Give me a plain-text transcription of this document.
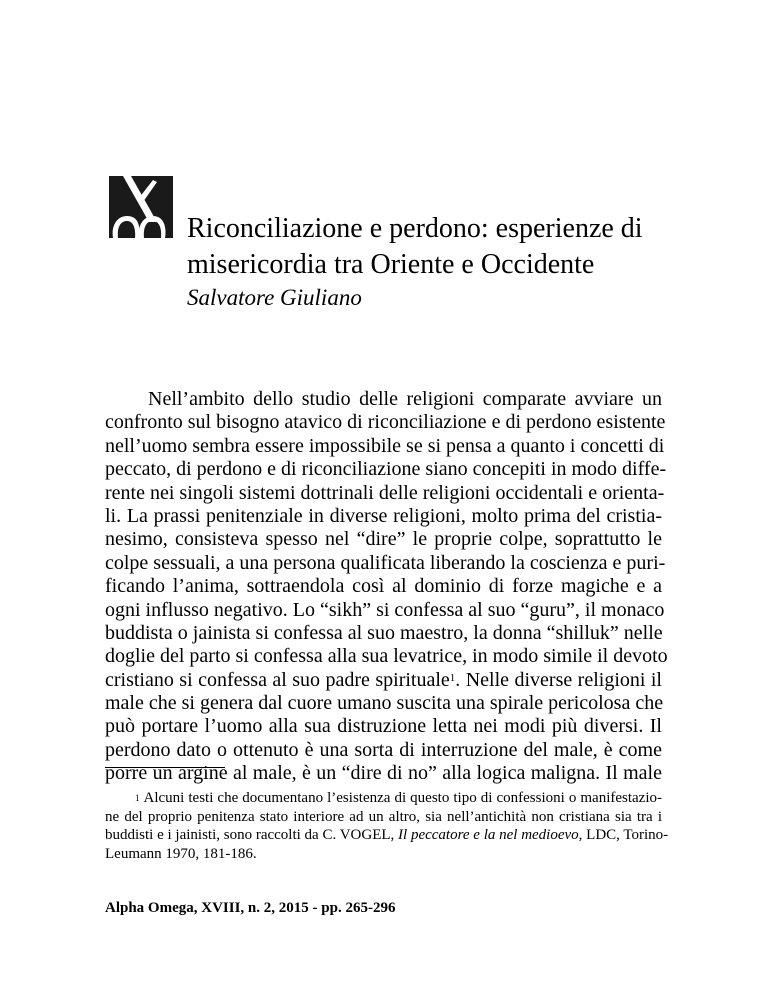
Riconciliazione e perdono: esperienze di
misericordia tra Oriente e Occidente
Salvatore Giuliano
Nell’ambito dello studio delle religioni comparate avviare un
confronto sul bisogno atavico di riconciliazione e di perdono esistente
nell’uomo sembra essere impossibile se si pensa a quanto i concetti di
peccato, di perdono e di riconciliazione siano concepiti in modo diffe-
rente nei singoli sistemi dottrinali delle religioni occidentali e orienta-
li. La prassi penitenziale in diverse religioni, molto prima del cristia-
nesimo, consisteva spesso nel “dire” le proprie colpe, soprattutto le
colpe sessuali, a una persona qualificata liberando la coscienza e puri-
ficando l’anima, sottraendola così al dominio di forze magiche e a
ogni influsso negativo. Lo “sikh” si confessa al suo “guru”, il monaco
buddista o jainista si confessa al suo maestro, la donna “shilluk” nelle
doglie del parto si confessa alla sua levatrice, in modo simile il devoto
cristiano si confessa al suo padre spirituale$^1$. Nelle diverse religioni il
male che si genera dal cuore umano suscita una spirale pericolosa che
può portare l’uomo alla sua distruzione letta nei modi più diversi. Il
perdono dato o ottenuto è una sorta di interruzione del male, è come
porre un argine al male, è un “dire di no” alla logica maligna. Il male
$^1$ Alcuni testi che documentano l’esistenza di questo tipo di confessioni o manifestazio-
ne del proprio penitenza stato interiore ad un altro, sia nell’antichità non cristiana sia tra i
buddisti e i jainisti, sono raccolti da C. VOGEL, Il peccatore e la nel medioevo, LDC, Torino-
Leumann 1970, 181-186.
Alpha Omega, XVIII, n. 2, 2015 - pp. 265-296
